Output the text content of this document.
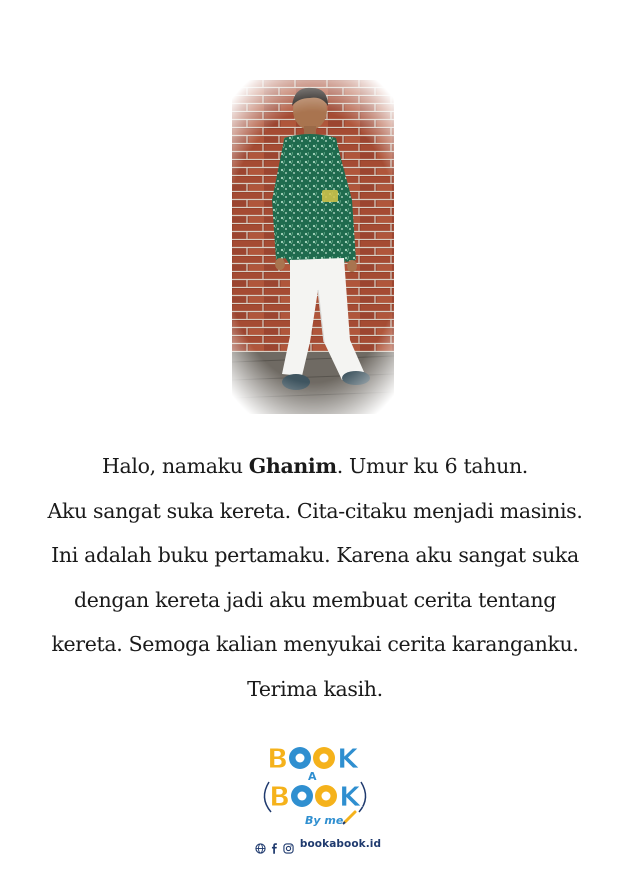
Halo, namaku Ghanim. Umur ku 6 tahun.
Aku sangat suka kereta. Cita-citaku menjadi masinis.
Ini adalah buku pertamaku. Karena aku sangat suka
dengan kereta jadi aku membuat cerita tentang
kereta. Semoga kalian menyukai cerita karanganku.
Terima kasih.
B K
A
B K
By me
bookabook.id
